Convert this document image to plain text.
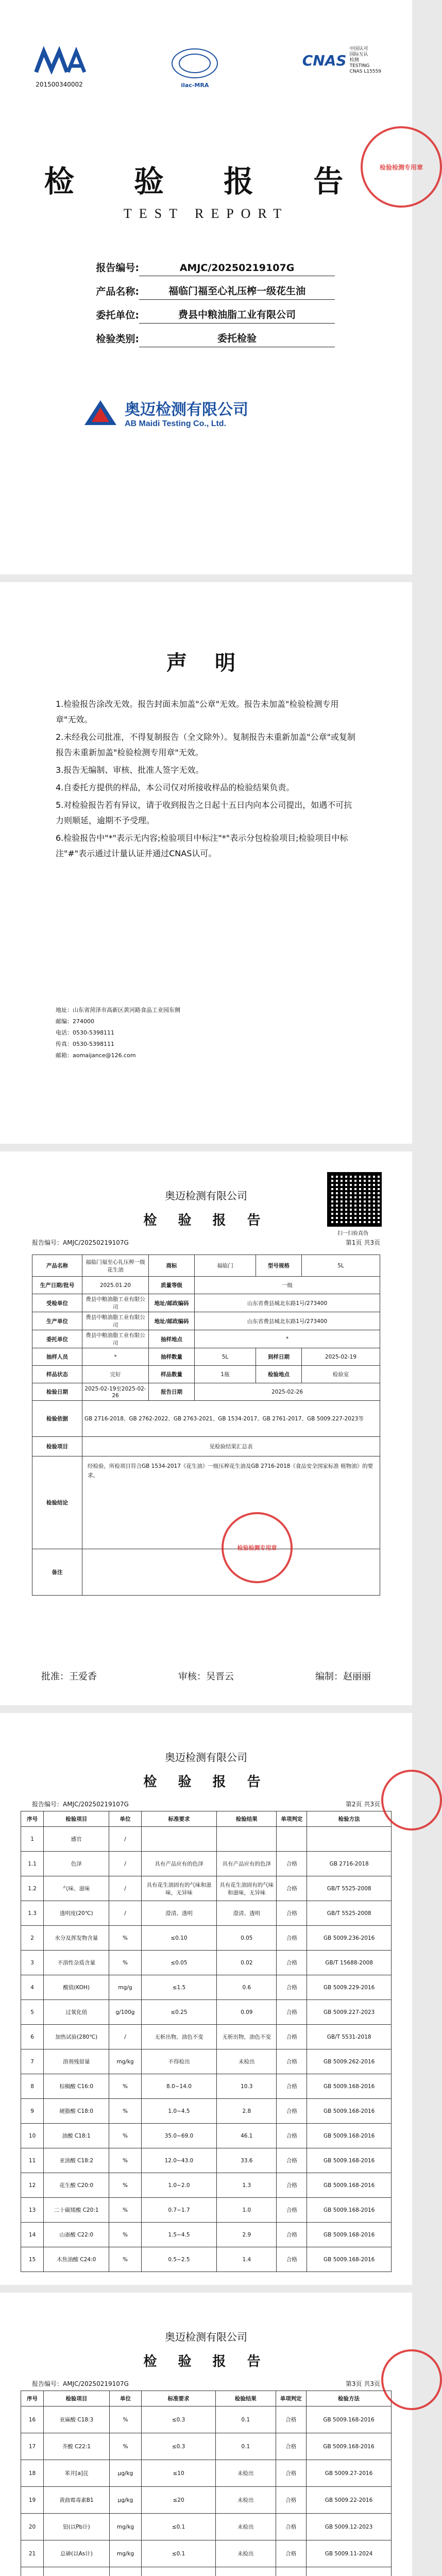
201500340002	ilac-MRA
CNAS
中国认可
国际互认
检测
TESTING
CNAS L15559
检 验 报 告
TEST REPORT
报告编号:	AMJC/20250219107G
产品名称:	福临门福至心礼压榨一级花生油
委托单位:	费县中粮油脂工业有限公司
检验类别:	委托检验
奥迈检测有限公司
AB Maidi Testing Co., Ltd.
检验检测专用章
声 明

1.检验报告涂改无效。报告封面未加盖"公章"无效。报告未加盖"检验检测专用章"无效。

2.未经我公司批准，不得复制报告（全文除外）。复制报告未重新加盖"公章"或复制报告未重新加盖"检验检测专用章"无效。

3.报告无编制、审核、批准人签字无效。

4.自委托方提供的样品，本公司仅对所接收样品的检验结果负责。

5.对检验报告若有异议，请于收到报告之日起十五日内向本公司提出，如遇不可抗力则顺延，逾期不予受理。

6.检验报告中"*"表示无内容;检验项目中标注"*"表示分包检验项目;检验项目中标注"#"表示通过计量认证并通过CNAS认可。

地址：山东省菏泽市高新区黄河路食品工业园东侧
邮编：274000
电话：0530-5398111
传真：0530-5398111
邮箱：aomaijance@126.com
奥迈检测有限公司
检 验 报 告
报告编号：AMJC/20250219107G	第1页 共3页
扫一扫验真伪
产品名称	福临门福至心礼压榨一级花生油	商标	福临门	型号规格	5L
生产日期/批号	2025.01.20	质量等级	一级		
受检单位	费县中粮油脂工业有限公司	地址/邮政编码	山东省费县城北东路1号/273400		
生产单位	费县中粮油脂工业有限公司	地址/邮政编码	山东省费县城北东路1号/273400		
委托单位	费县中粮油脂工业有限公司	抽样地点	*		
抽样人员	*	抽样数量	5L	到样日期	2025-02-19
样品状态	完好	样品数量	1瓶	检验地点	检验室
检验日期	2025-02-19至2025-02-26	报告日期	2025-02-26		
检验依据	GB 2716-2018、GB 2762-2022、GB 2763-2021、GB 1534-2017、GB 2761-2017、GB 5009.227-2023等				
检验项目	见检验结果汇总表				
检验结论	经检验，所检项目符合GB 1534-2017《花生油》一级压榨花生油及GB 2716-2018《食品安全国家标准 植物油》的要求。				
备注					
检验检测专用章
批准：王爱香	审核：吴晋云	编制：赵丽丽
奥迈检测有限公司
检 验 报 告
报告编号：AMJC/20250219107G	第2页 共3页
序号	检验项目	单位	标准要求	检验结果	单项判定	检验方法
1	感官	/				
1.1	色泽	/	具有产品应有的色泽	具有产品应有的色泽	合格	GB 2716-2018
1.2	气味、滋味	/	具有花生油固有的气味和滋味，无异味	具有花生油固有的气味和滋味，无异味	合格	GB/T 5525-2008
1.3	透明度(20℃)	/	澄清、透明	澄清、透明	合格	GB/T 5525-2008
2	水分及挥发物含量	%	≤0.10	0.05	合格	GB 5009.236-2016
3	不溶性杂质含量	%	≤0.05	0.02	合格	GB/T 15688-2008
4	酸值(KOH)	mg/g	≤1.5	0.6	合格	GB 5009.229-2016
5	过氧化值	g/100g	≤0.25	0.09	合格	GB 5009.227-2023
6	加热试验(280℃)	/	无析出物，油色不变	无析出物，油色不变	合格	GB/T 5531-2018
7	溶剂残留量	mg/kg	不得检出	未检出	合格	GB 5009.262-2016
8	棕榈酸 C16:0	%	8.0~14.0	10.3	合格	GB 5009.168-2016
9	硬脂酸 C18:0	%	1.0~4.5	2.8	合格	GB 5009.168-2016
10	油酸 C18:1	%	35.0~69.0	46.1	合格	GB 5009.168-2016
11	亚油酸 C18:2	%	12.0~43.0	33.6	合格	GB 5009.168-2016
12	花生酸 C20:0	%	1.0~2.0	1.3	合格	GB 5009.168-2016
13	二十碳烯酸 C20:1	%	0.7~1.7	1.0	合格	GB 5009.168-2016
14	山嵛酸 C22:0	%	1.5~4.5	2.9	合格	GB 5009.168-2016
15	木焦油酸 C24:0	%	0.5~2.5	1.4	合格	GB 5009.168-2016
奥迈检测有限公司
检 验 报 告
报告编号：AMJC/20250219107G	第3页 共3页
序号	检验项目	单位	标准要求	检验结果	单项判定	检验方法
16	亚麻酸 C18:3	%	≤0.3	0.1	合格	GB 5009.168-2016
17	芥酸 C22:1	%	≤0.3	0.1	合格	GB 5009.168-2016
18	苯并[a]芘	μg/kg	≤10	未检出	合格	GB 5009.27-2016
19	黄曲霉毒素B1	μg/kg	≤20	未检出	合格	GB 5009.22-2016
20	铅(以Pb计)	mg/kg	≤0.1	未检出	合格	GB 5009.12-2023
21	总砷(以As计)	mg/kg	≤0.1	未检出	合格	GB 5009.11-2024
